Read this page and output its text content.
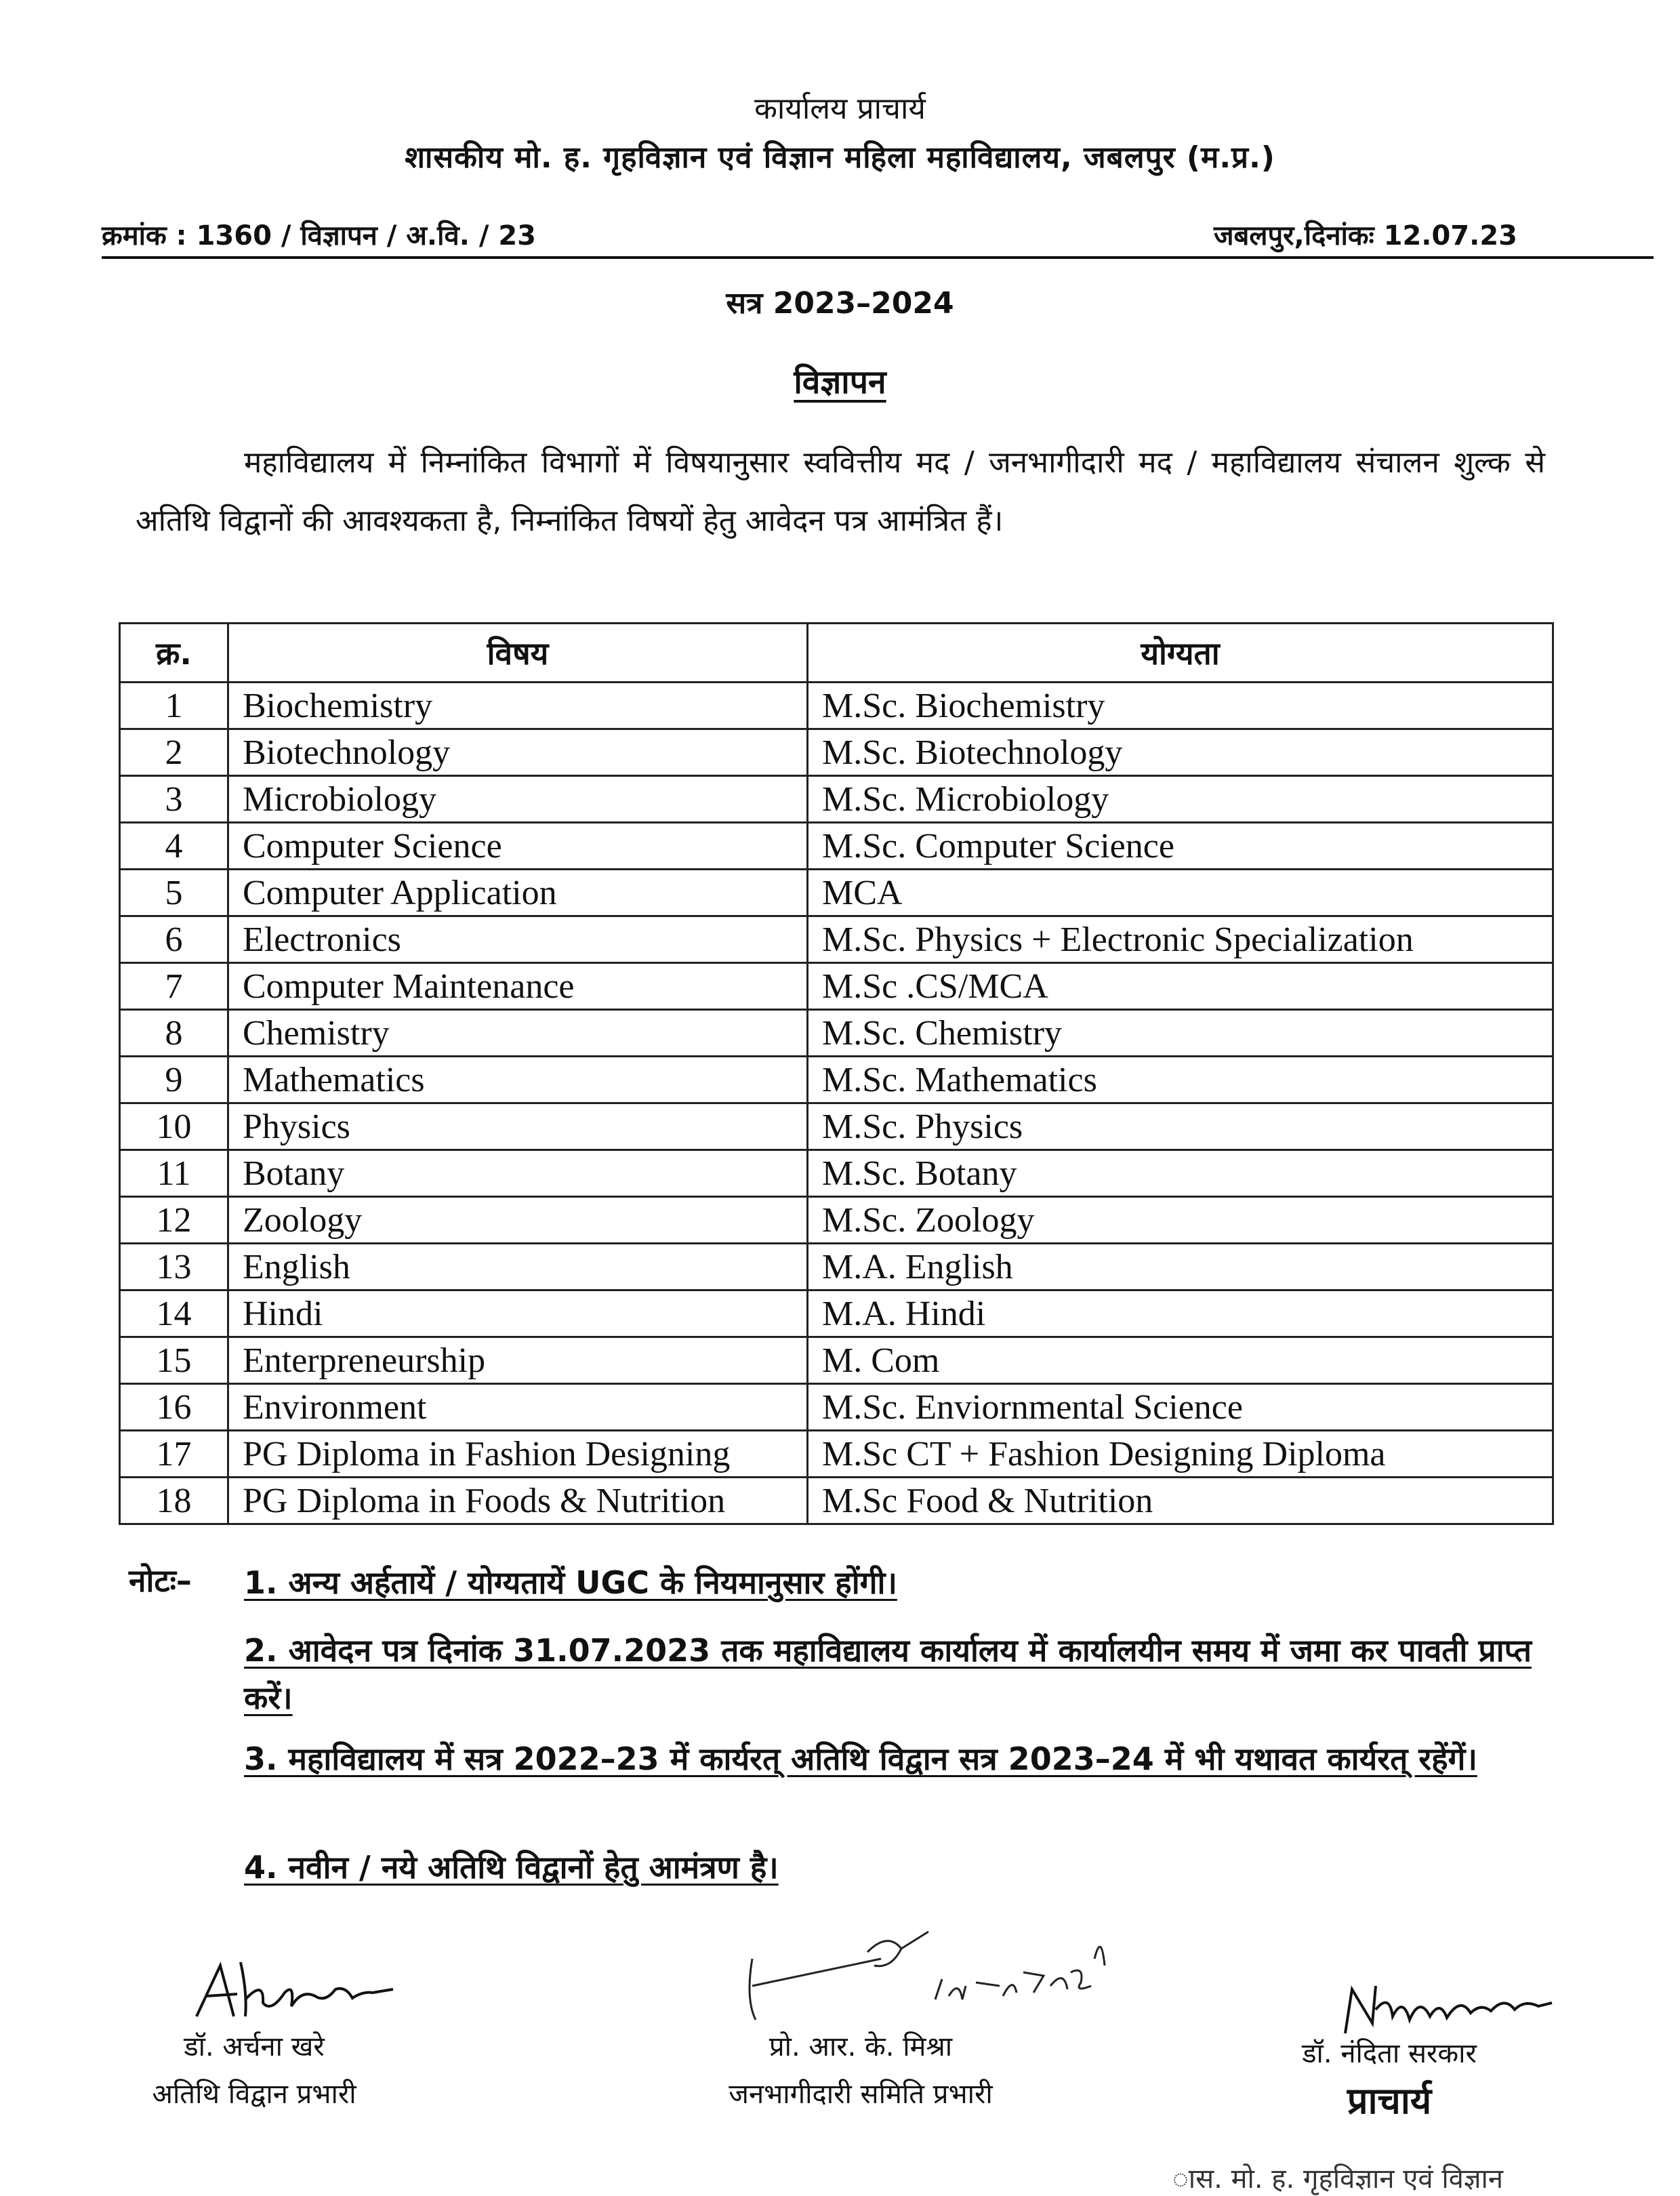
कार्यालय प्राचार्य
शासकीय मो. ह. गृहविज्ञान एवं विज्ञान महिला महाविद्यालय, जबलपुर (म.प्र.)
क्रमांक : 1360 / विज्ञापन / अ.वि. / 23	जबलपुर,दिनांकः 12.07.23
सत्र 2023–2024
विज्ञापन

महाविद्यालय में निम्नांकित विभागों में विषयानुसार स्ववित्तीय मद / जनभागीदारी मद / महाविद्यालय संचालन शुल्क से अतिथि विद्वानों की आवश्यकता है, निम्नांकित विषयों हेतु आवेदन पत्र आमंत्रित हैं।

क्र.	विषय	योग्यता
1	Biochemistry	M.Sc. Biochemistry
2	Biotechnology	M.Sc. Biotechnology
3	Microbiology	M.Sc. Microbiology
4	Computer Science	M.Sc. Computer Science
5	Computer Application	MCA
6	Electronics	M.Sc. Physics + Electronic Specialization
7	Computer Maintenance	M.Sc .CS/MCA
8	Chemistry	M.Sc. Chemistry
9	Mathematics	M.Sc. Mathematics
10	Physics	M.Sc. Physics
11	Botany	M.Sc. Botany
12	Zoology	M.Sc. Zoology
13	English	M.A. English
14	Hindi	M.A. Hindi
15	Enterpreneurship	M. Com
16	Environment	M.Sc. Enviornmental Science
17	PG Diploma in Fashion Designing	M.Sc CT + Fashion Designing Diploma
18	PG Diploma in Foods & Nutrition	M.Sc Food & Nutrition
नोटः– 1. अन्य अर्हतायें / योग्यतायें UGC के नियमानुसार होंगी।

2. आवेदन पत्र दिनांक 31.07.2023 तक महाविद्यालय कार्यालय में कार्यालयीन समय में जमा कर पावती प्राप्त करें।

3. महाविद्यालय में सत्र 2022–23 में कार्यरत् अतिथि विद्वान सत्र 2023–24 में भी यथावत कार्यरत् रहेंगें।

4. नवीन / नये अतिथि विद्वानों हेतु आमंत्रण है।

डॉ. अर्चना खरे
अतिथि विद्वान प्रभारी
प्रो. आर. के. मिश्रा
जनभागीदारी समिति प्रभारी
डॉ. नंदिता सरकार
प्राचार्य
ास. मो. ह. गृहविज्ञान एवं विज्ञान
